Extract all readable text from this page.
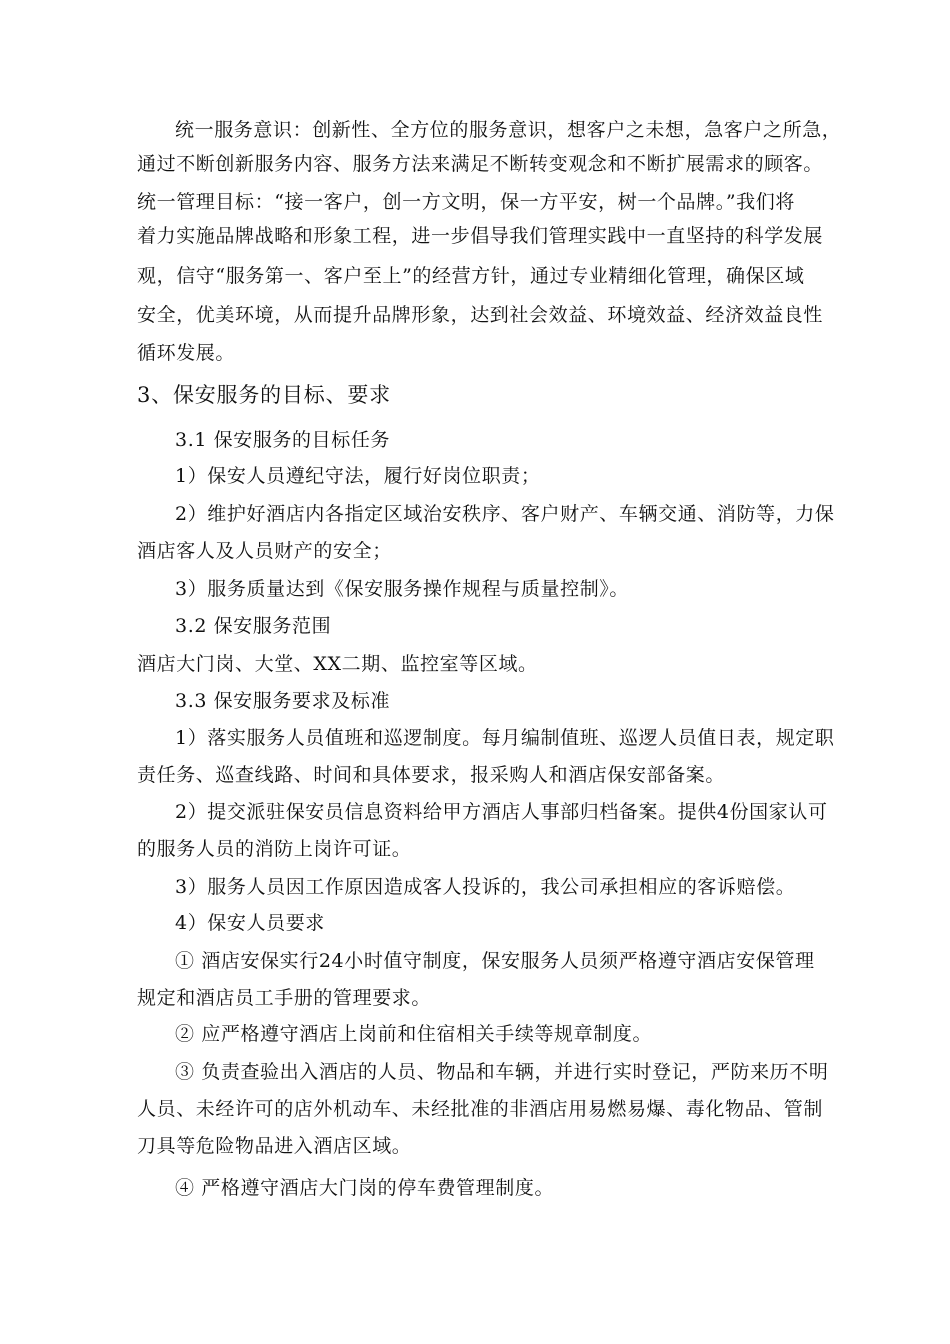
统一服务意识：创新性、全方位的服务意识，想客户之未想，急客户之所急，
通过不断创新服务内容、服务方法来满足不断转变观念和不断扩展需求的顾客。
统一管理目标：“接一客户，创一方文明，保一方平安，树一个品牌。”我们将
着力实施品牌战略和形象工程，进一步倡导我们管理实践中一直坚持的科学发展
观，信守“服务第一、客户至上”的经营方针，通过专业精细化管理，确保区域
安全，优美环境，从而提升品牌形象，达到社会效益、环境效益、经济效益良性
循环发展。
3、保安服务的目标、要求
3.1 保安服务的目标任务
1）保安人员遵纪守法，履行好岗位职责；
2）维护好酒店内各指定区域治安秩序、客户财产、车辆交通、消防等，力保
酒店客人及人员财产的安全；
3）服务质量达到《保安服务操作规程与质量控制》。
3.2 保安服务范围
酒店大门岗、大堂、XX二期、监控室等区域。
3.3 保安服务要求及标准
1）落实服务人员值班和巡逻制度。每月编制值班、巡逻人员值日表，规定职
责任务、巡查线路、时间和具体要求，报采购人和酒店保安部备案。
2）提交派驻保安员信息资料给甲方酒店人事部归档备案。提供4份国家认可
的服务人员的消防上岗许可证。
3）服务人员因工作原因造成客人投诉的，我公司承担相应的客诉赔偿。
4）保安人员要求
① 酒店安保实行24小时值守制度，保安服务人员须严格遵守酒店安保管理
规定和酒店员工手册的管理要求。
② 应严格遵守酒店上岗前和住宿相关手续等规章制度。
③ 负责查验出入酒店的人员、物品和车辆，并进行实时登记，严防来历不明
人员、未经许可的店外机动车、未经批准的非酒店用易燃易爆、毒化物品、管制
刀具等危险物品进入酒店区域。
④ 严格遵守酒店大门岗的停车费管理制度。
